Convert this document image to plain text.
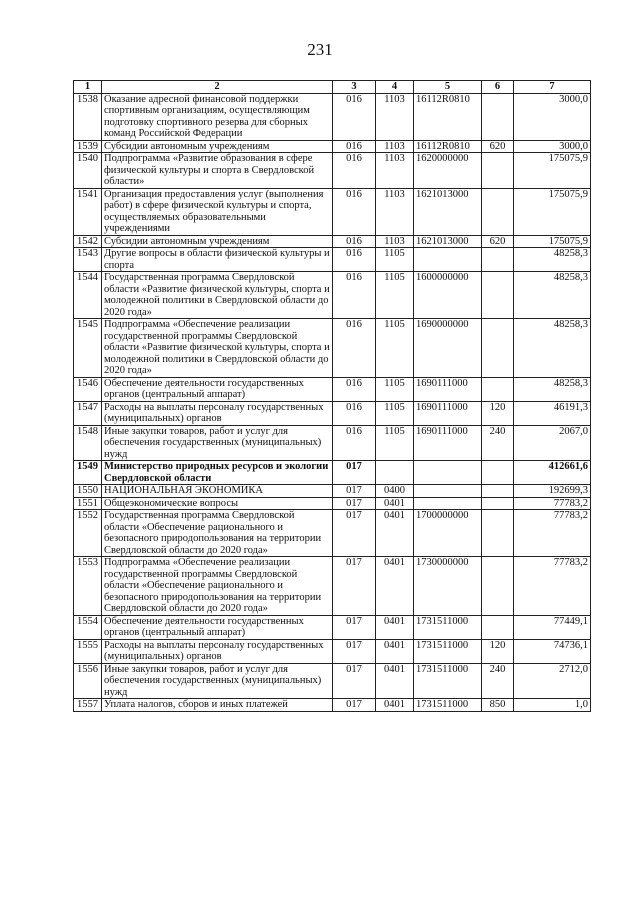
231
1	2	3	4	5	6	7
1538	Оказание адресной финансовой поддержки спортивным организациям, осуществляющим подготовку спортивного резерва для сборных команд Российской Федерации	016	1103	16112R0810		3000,0
1539	Субсидии автономным учреждениям	016	1103	16112R0810	620	3000,0
1540	Подпрограмма «Развитие образования в сфере физической культуры и спорта в Свердловской области»	016	1103	1620000000		175075,9
1541	Организация предоставления услуг (выполнения работ) в сфере физической культуры и спорта, осуществляемых образовательными учреждениями	016	1103	1621013000		175075,9
1542	Субсидии автономным учреждениям	016	1103	1621013000	620	175075,9
1543	Другие вопросы в области физической культуры и спорта	016	1105			48258,3
1544	Государственная программа Свердловской области «Развитие физической культуры, спорта и молодежной политики в Свердловской области до 2020 года»	016	1105	1600000000		48258,3
1545	Подпрограмма «Обеспечение реализации государственной программы Свердловской области «Развитие физической культуры, спорта и молодежной политики в Свердловской области до 2020 года»	016	1105	1690000000		48258,3
1546	Обеспечение деятельности государственных органов (центральный аппарат)	016	1105	1690111000		48258,3
1547	Расходы на выплаты персоналу государственных (муниципальных) органов	016	1105	1690111000	120	46191,3
1548	Иные закупки товаров, работ и услуг для обеспечения государственных (муниципальных) нужд	016	1105	1690111000	240	2067,0
1549	Министерство природных ресурсов и экологии Свердловской области	017				412661,6
1550	НАЦИОНАЛЬНАЯ ЭКОНОМИКА	017	0400			192699,3
1551	Общеэкономические вопросы	017	0401			77783,2
1552	Государственная программа Свердловской области «Обеспечение рационального и безопасного природопользования на территории Свердловской области до 2020 года»	017	0401	1700000000		77783,2
1553	Подпрограмма «Обеспечение реализации государственной программы Свердловской области «Обеспечение рационального и безопасного природопользования на территории Свердловской области до 2020 года»	017	0401	1730000000		77783,2
1554	Обеспечение деятельности государственных органов (центральный аппарат)	017	0401	1731511000		77449,1
1555	Расходы на выплаты персоналу государственных (муниципальных) органов	017	0401	1731511000	120	74736,1
1556	Иные закупки товаров, работ и услуг для обеспечения государственных (муниципальных) нужд	017	0401	1731511000	240	2712,0
1557	Уплата налогов, сборов и иных платежей	017	0401	1731511000	850	1,0
